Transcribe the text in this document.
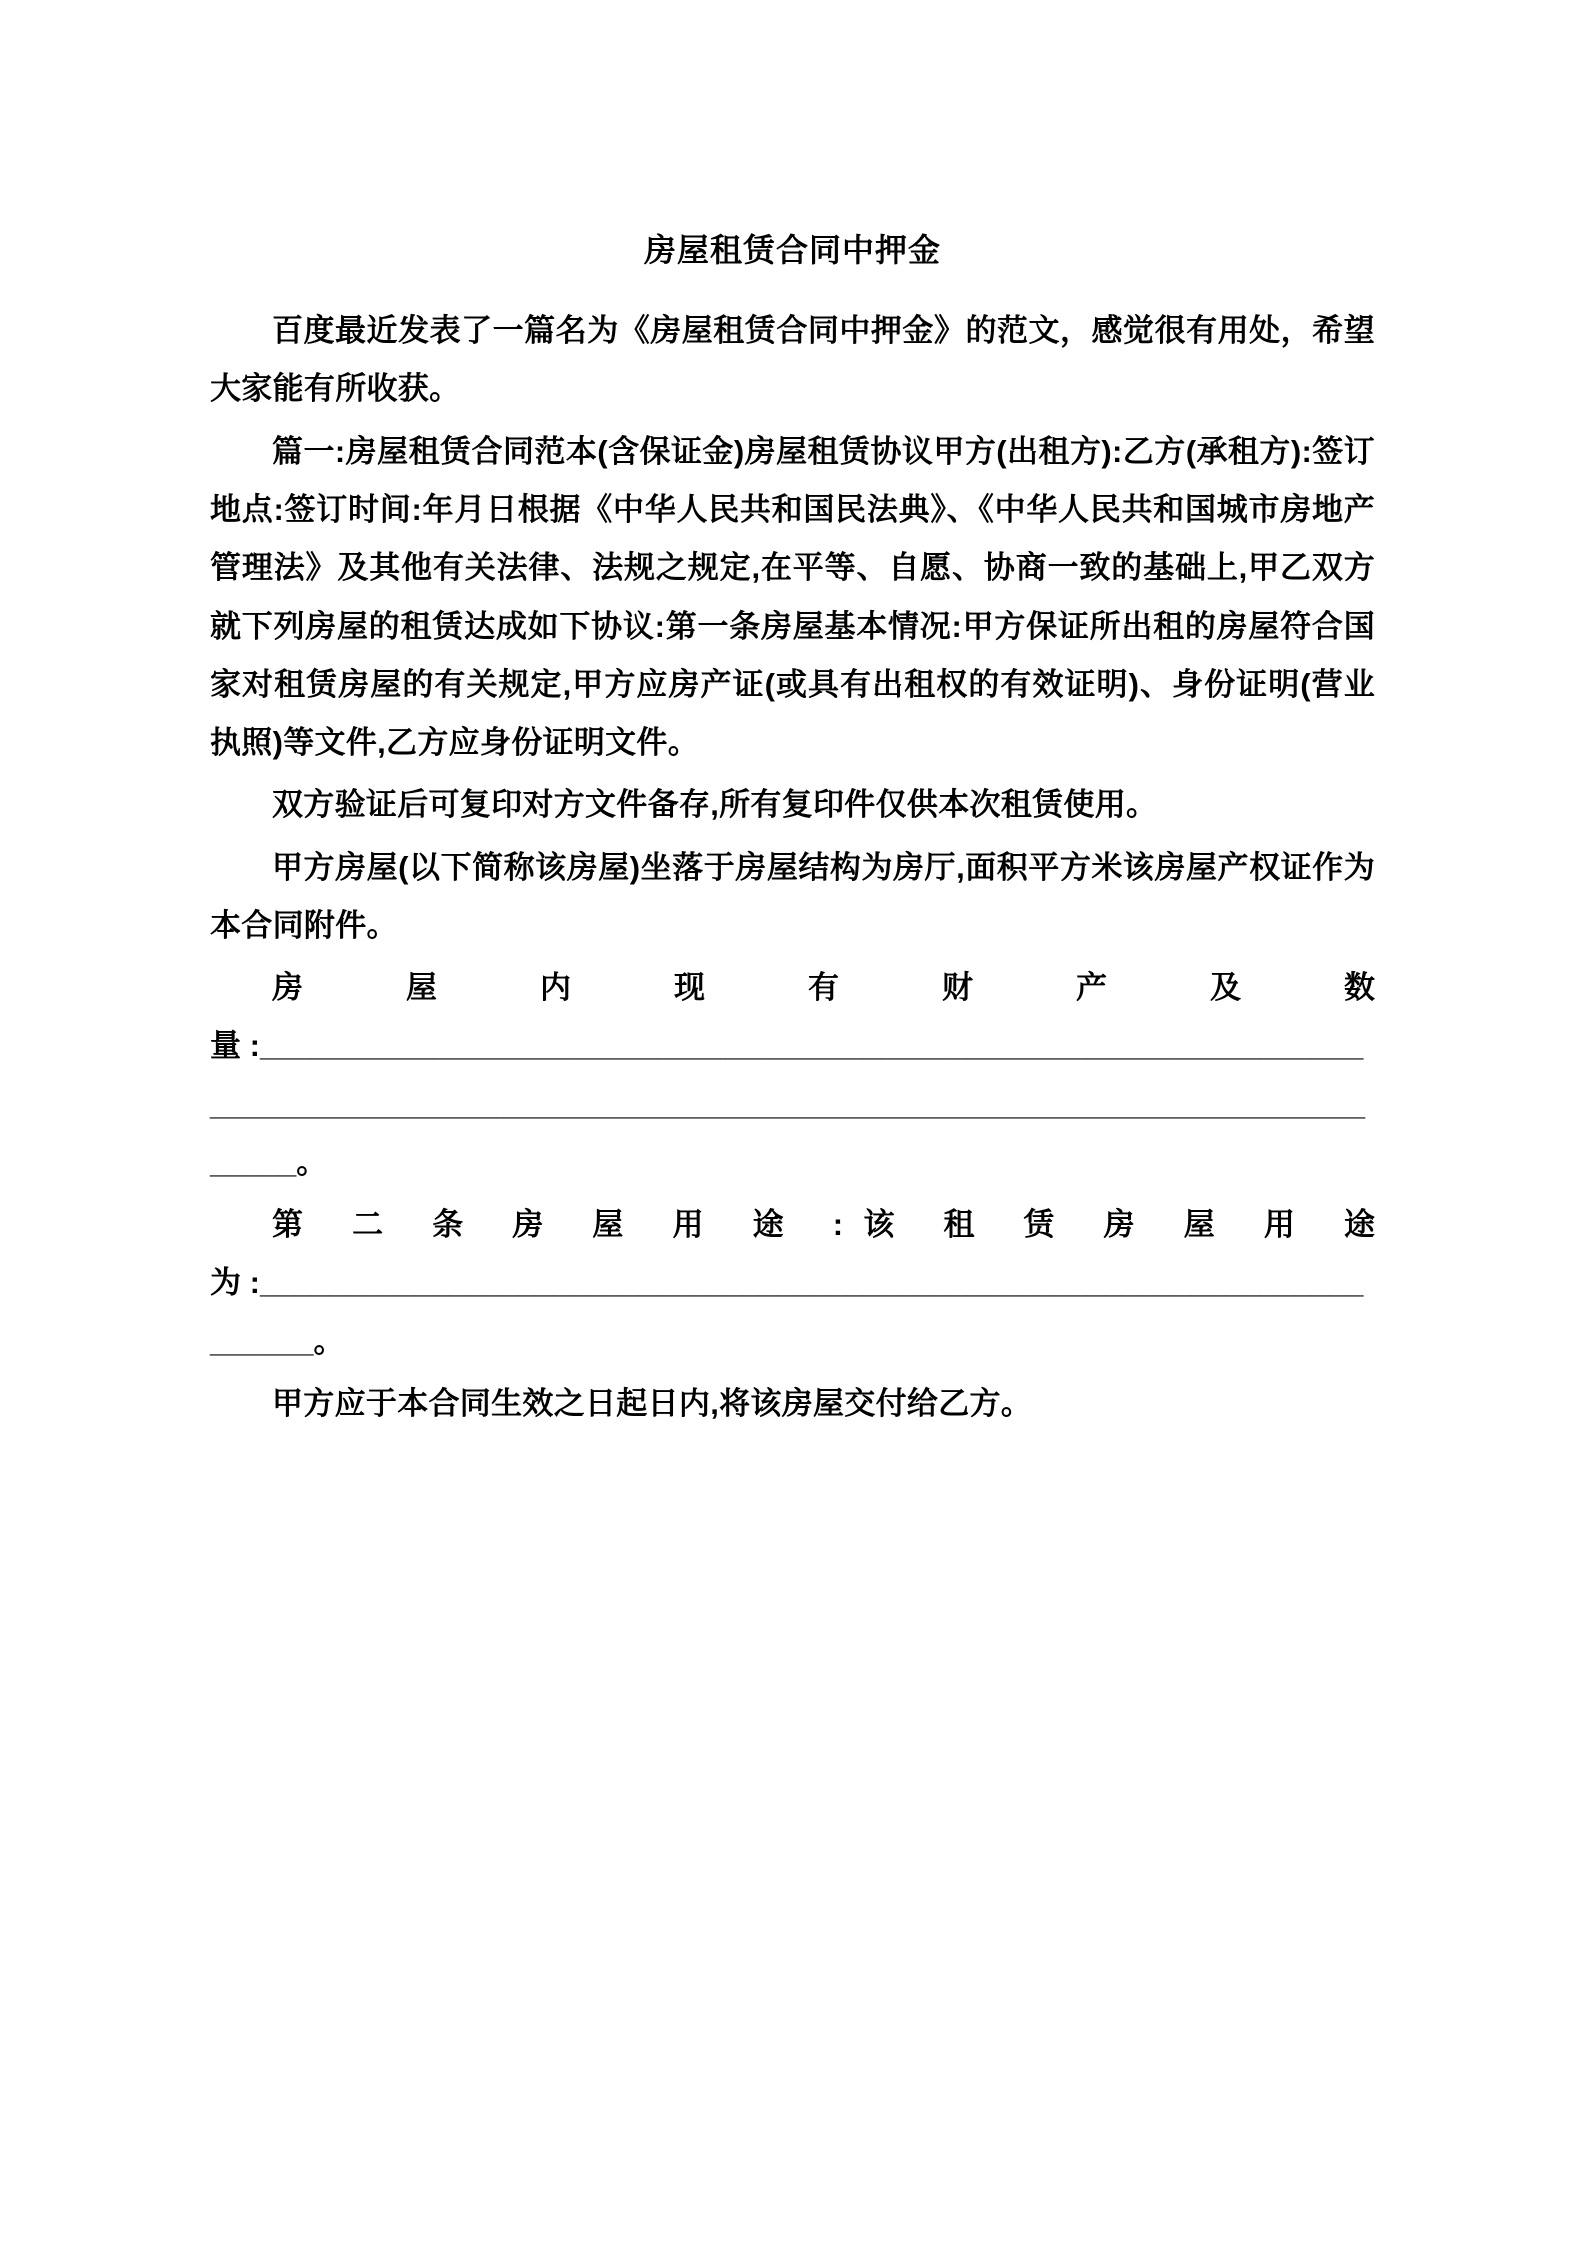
房屋租赁合同中押金

百度最近发表了一篇名为《房屋租赁合同中押金》的范文，感觉很有用处，希望大家能有所收获。

篇一:房屋租赁合同范本(含保证金)房屋租赁协议甲方(出租方):乙方(承租方):签订地点:签订时间:年月日根据《中华人民共和国民法典》、《中华人民共和国城市房地产管理法》及其他有关法律、法规之规定,在平等、自愿、协商一致的基础上,甲乙双方就下列房屋的租赁达成如下协议:第一条房屋基本情况:甲方保证所出租的房屋符合国家对租赁房屋的有关规定,甲方应房产证(或具有出租权的有效证明)、身份证明(营业执照)等文件,乙方应身份证明文件。

双方验证后可复印对方文件备存,所有复印件仅供本次租赁使用。

甲方房屋(以下简称该房屋)坐落于房屋结构为房厅,面积平方米该房屋产权证作为本合同附件。

房 屋 内 现 有 财 产 及 数
量 :________________________________________________________________________________________________________________________________________。
第 二 条 房 屋 用 途 :该 租 赁 房 屋 用 途
为 :______________________________________________________________________。

甲方应于本合同生效之日起日内,将该房屋交付给乙方。
